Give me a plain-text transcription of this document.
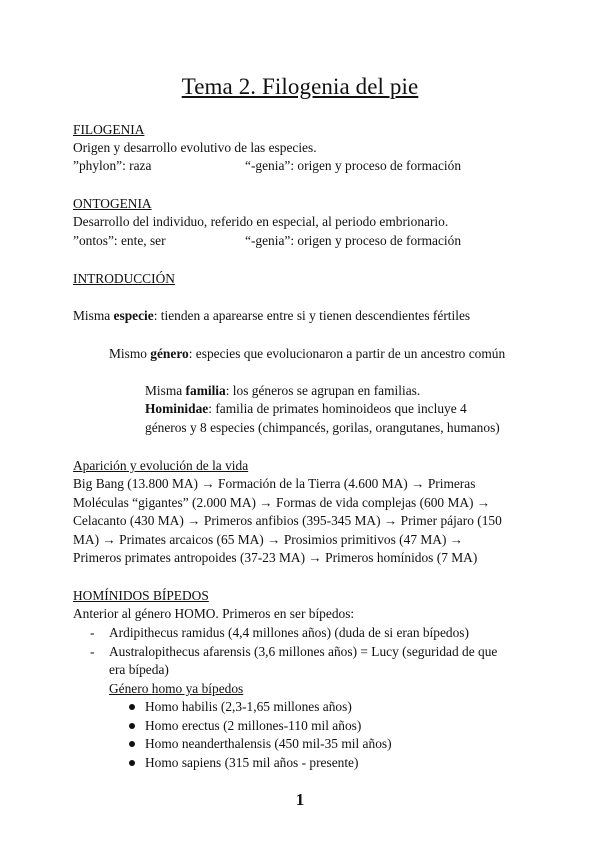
Tema 2. Filogenia del pie
FILOGENIA
Origen y desarrollo evolutivo de las especies.
”phylon”: raza	“-genia”: origen y proceso de formación
ONTOGENIA
Desarrollo del individuo, referido en especial, al periodo embrionario.
”ontos”: ente, ser	“-genia”: origen y proceso de formación
INTRODUCCIÓN
Misma especie: tienden a aparearse entre si y tienen descendientes fértiles
Mismo género: especies que evolucionaron a partir de un ancestro común
Misma familia: los géneros se agrupan en familias.
Hominidae: familia de primates hominoideos que incluye 4
géneros y 8 especies (chimpancés, gorilas, orangutanes, humanos)
Aparición y evolución de la vida
Big Bang (13.800 MA) → Formación de la Tierra (4.600 MA) → Primeras
Moléculas “gigantes” (2.000 MA) → Formas de vida complejas (600 MA) →
Celacanto (430 MA) → Primeros anfibios (395-345 MA) → Primer pájaro (150
MA) → Primates arcaicos (65 MA) → Prosimios primitivos (47 MA) →
Primeros primates antropoides (37-23 MA) → Primeros homínidos (7 MA)
HOMÍNIDOS BÍPEDOS
Anterior al género HOMO. Primeros en ser bípedos:
- Ardipithecus ramidus (4,4 millones años) (duda de si eran bípedos)
- Australopithecus afarensis (3,6 millones años) = Lucy (seguridad de que
era bípeda)
Género homo ya bípedos
Homo habilis (2,3-1,65 millones años)
Homo erectus (2 millones-110 mil años)
Homo neanderthalensis (450 mil-35 mil años)
Homo sapiens (315 mil años - presente)
1
